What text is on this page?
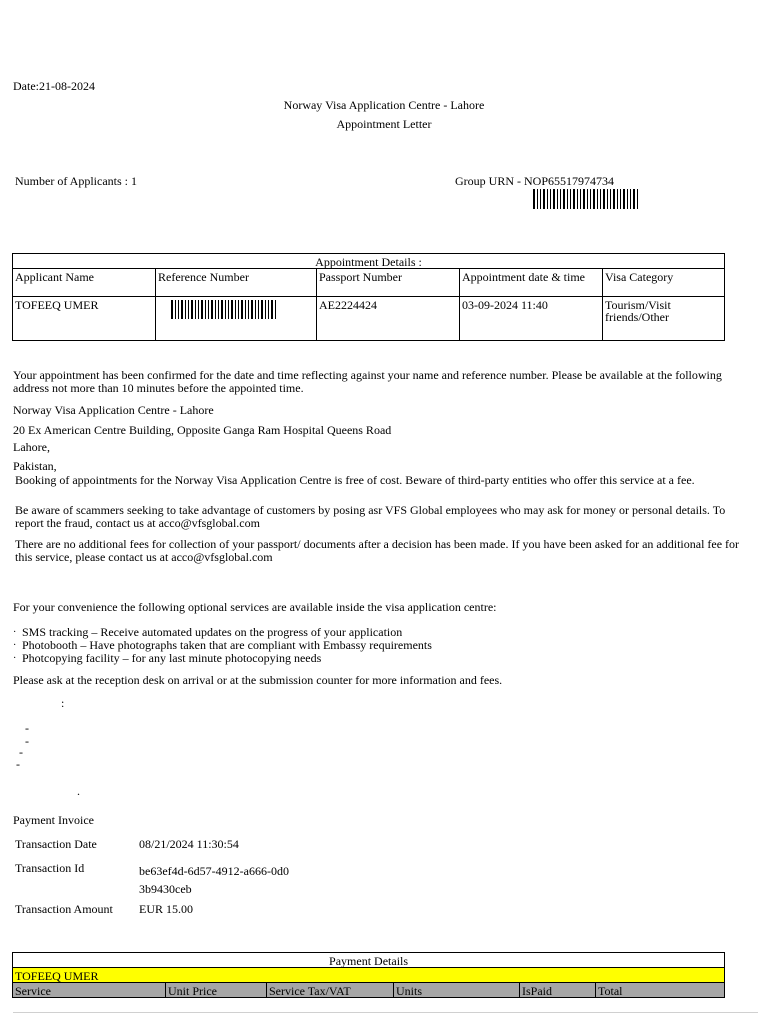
Date:21-08-2024
Norway Visa Application Centre - Lahore
Appointment Letter
Number of Applicants : 1	Group URN - NOP65517974734
Appointment Details :				
Applicant Name	Reference Number	Passport Number	Appointment date & time	Visa Category
TOFEEQ UMER		AE2224424	03-09-2024 11:40	Tourism/Visit friends/Other
Your appointment has been confirmed for the date and time reflecting against your name and reference number. Please be available at the following address not more than 10 minutes before the appointed time.
Norway Visa Application Centre - Lahore
20 Ex American Centre Building, Opposite Ganga Ram Hospital Queens Road
Lahore,
Pakistan,
Booking of appointments for the Norway Visa Application Centre is free of cost. Beware of third-party entities who offer this service at a fee.
Be aware of scammers seeking to take advantage of customers by posing asr VFS Global employees who may ask for money or personal details. To report the fraud, contact us at acco@vfsglobal.com
There are no additional fees for collection of your passport/ documents after a decision has been made. If you have been asked for an additional fee for this service, please contact us at acco@vfsglobal.com
For your convenience the following optional services are available inside the visa application centre:
· SMS tracking – Receive automated updates on the progress of your application
· Photobooth – Have photographs taken that are compliant with Embassy requirements
· Photcopying facility – for any last minute photocopying needs
Please ask at the reception desk on arrival or at the submission counter for more information and fees.
:
-
-
-
-
.
Payment Invoice
Transaction Date	08/21/2024 11:30:54
Transaction Id	be63ef4d-6d57-4912-a666-0d03b9430ceb
Transaction Amount EUR 15.00
Payment Details
TOFEEQ UMER
Service	Unit Price	Service Tax/VAT	Units	IsPaid	Total
